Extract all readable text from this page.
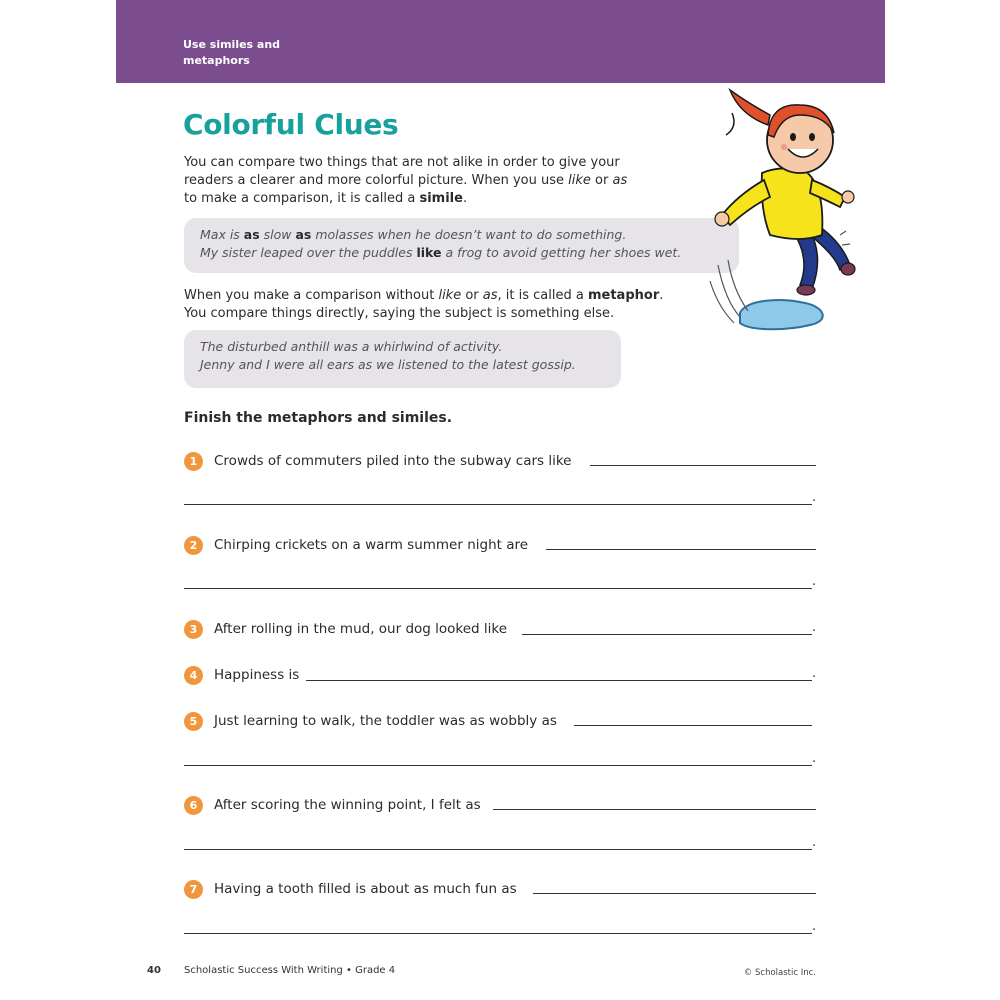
Use similes and
metaphors
Colorful Clues
You can compare two things that are not alike in order to give your
readers a clearer and more colorful picture. When you use like or as
to make a comparison, it is called a simile.
Max is as slow as molasses when he doesn’t want to do something.
My sister leaped over the puddles like a frog to avoid getting her shoes wet.
When you make a comparison without like or as, it is called a metaphor.
You compare things directly, saying the subject is something else.
The disturbed anthill was a whirlwind of activity.
Jenny and I were all ears as we listened to the latest gossip.
Finish the metaphors and similes.
1	Crowds of commuters piled into the subway cars like
.
2	Chirping crickets on a warm summer night are
.
3	After rolling in the mud, our dog looked like	.
4	Happiness is	.
5	Just learning to walk, the toddler was as wobbly as
.
6	After scoring the winning point, I felt as
.
7	Having a tooth filled is about as much fun as
.
40 Scholastic Success With Writing • Grade 4	© Scholastic Inc.
